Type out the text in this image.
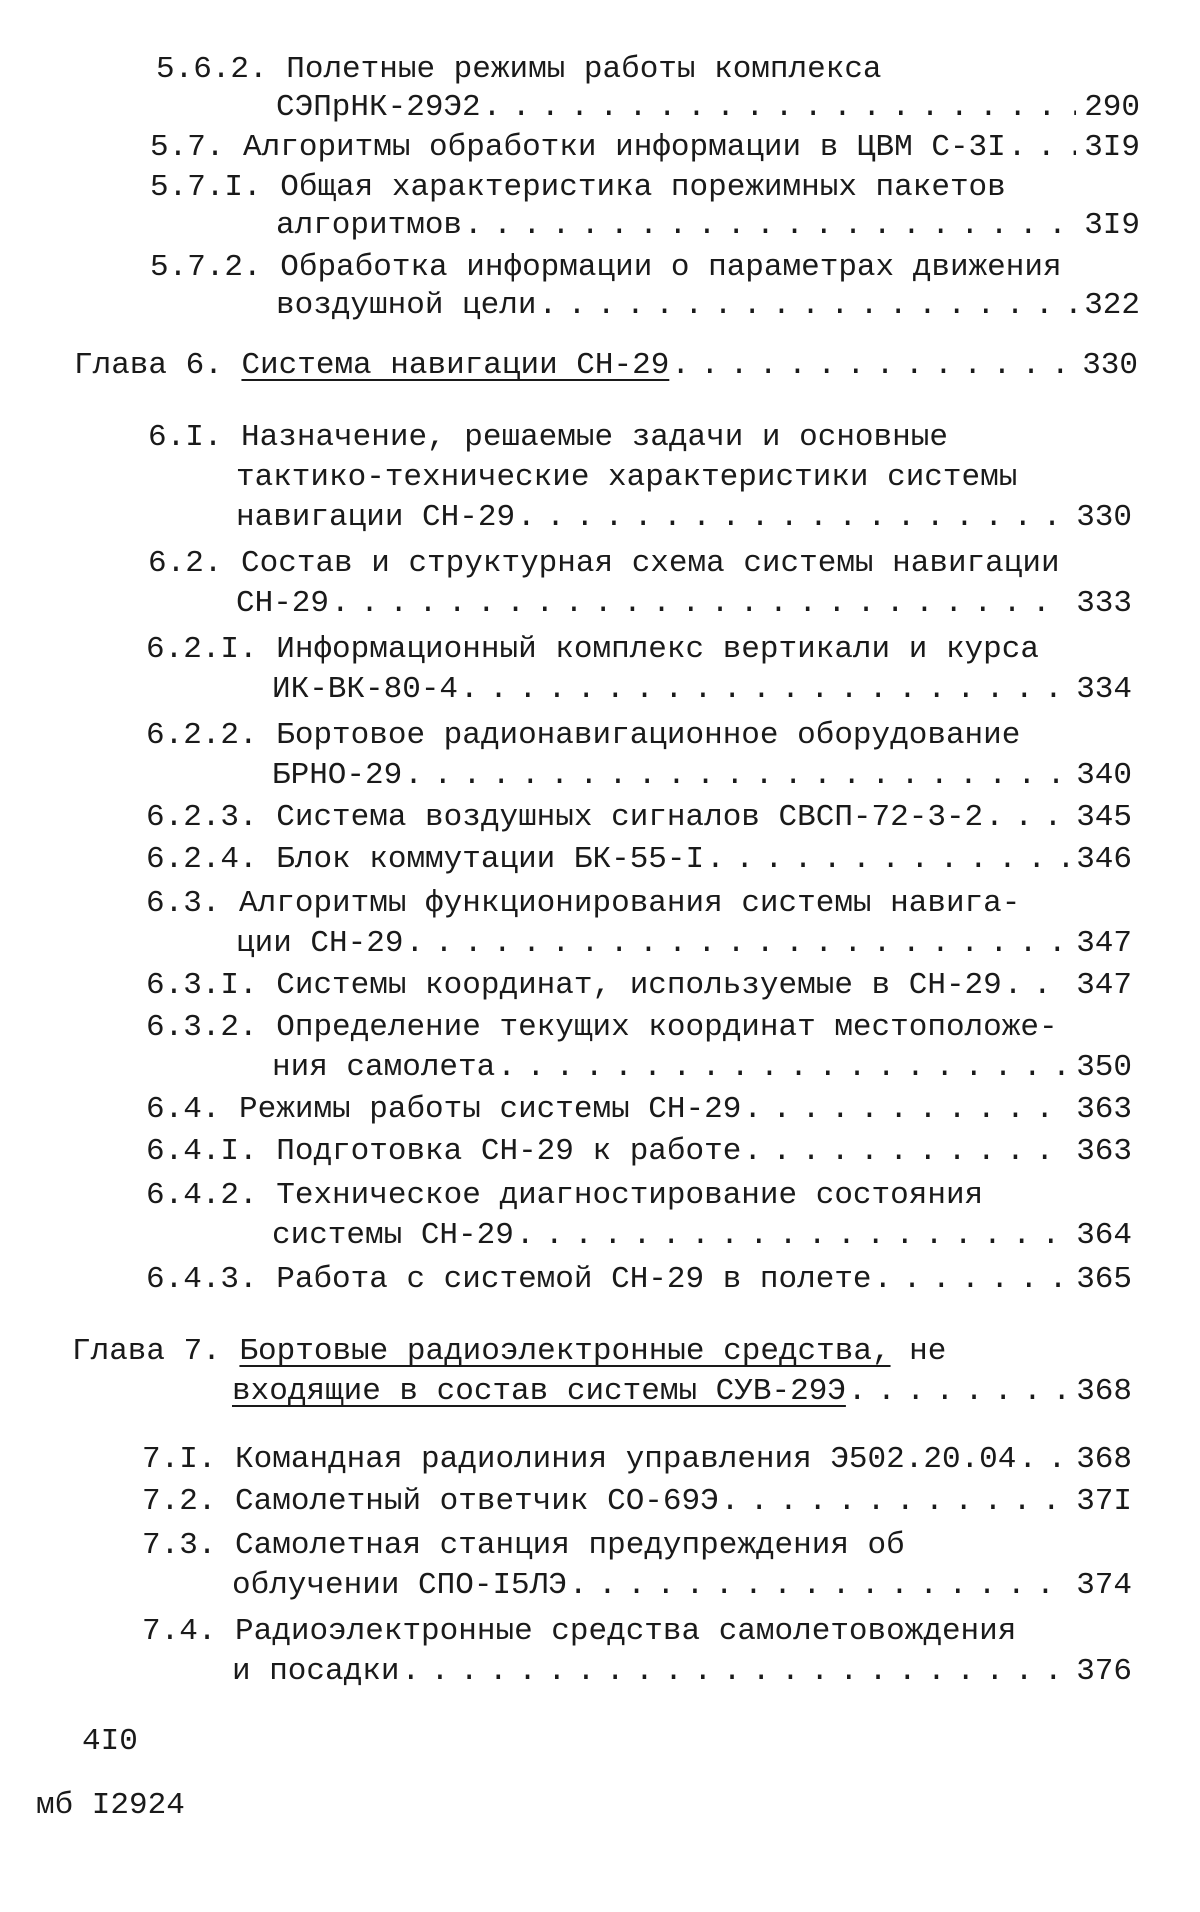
5.6.2.
Полетные режимы работы комплекса
СЭПрНК-29Э2 . . .	290
5.7.
Алгоритмы обработки информации в ЦВМ С-3I . . .	3I9
5.7.I.
Общая характеристика порежимных пакетов
алгоритмов . . .	3I9
5.7.2.
Обработка информации о параметрах движения
воздушной цели . . .	322
Глава 6.
Система навигации СН-29 . . .	330
6.I.
Назначение, решаемые задачи и основные
тактико-технические характеристики системы
навигации СН-29 . . .	330
6.2.
Состав и структурная схема системы навигации
СН-29 . . .	333
6.2.I.
Информационный комплекс вертикали и курса
ИК-ВК-80-4 . . .	334
6.2.2.
Бортовое радионавигационное оборудование
БРНО-29 . . .	340
6.2.3.
Система воздушных сигналов СВСП-72-3-2 . . .	345
6.2.4.
Блок коммутации БК-55-I . . .	346
6.3.
Алгоритмы функционирования системы навига-
ции СН-29 . . .	347
6.3.I.
Системы координат, используемые в СН-29 . . . 347
6.3.2.
Определение текущих координат местоположе-
ния самолета . . .	350
6.4.
Режимы работы системы СН-29 . . .	363
6.4.I.
Подготовка СН-29 к работе . . .	363
6.4.2.
Техническое диагностирование состояния
системы СН-29 . . .	364
6.4.3.
Работа с системой СН-29 в полете . . .	365
Глава 7.
Бортовые радиоэлектронные средства,
не
входящие в состав системы СУВ-29Э . . .	368
7.I.
Командная радиолиния управления Э502.20.04 . . . 368
7.2.
Самолетный ответчик СО-69Э . . .	37I
7.3.
Самолетная станция предупреждения об
облучении СПО-I5ЛЭ . . .	374
7.4.
Радиоэлектронные средства самолетовождения
и посадки . . .	376
4I0
мб I2924
